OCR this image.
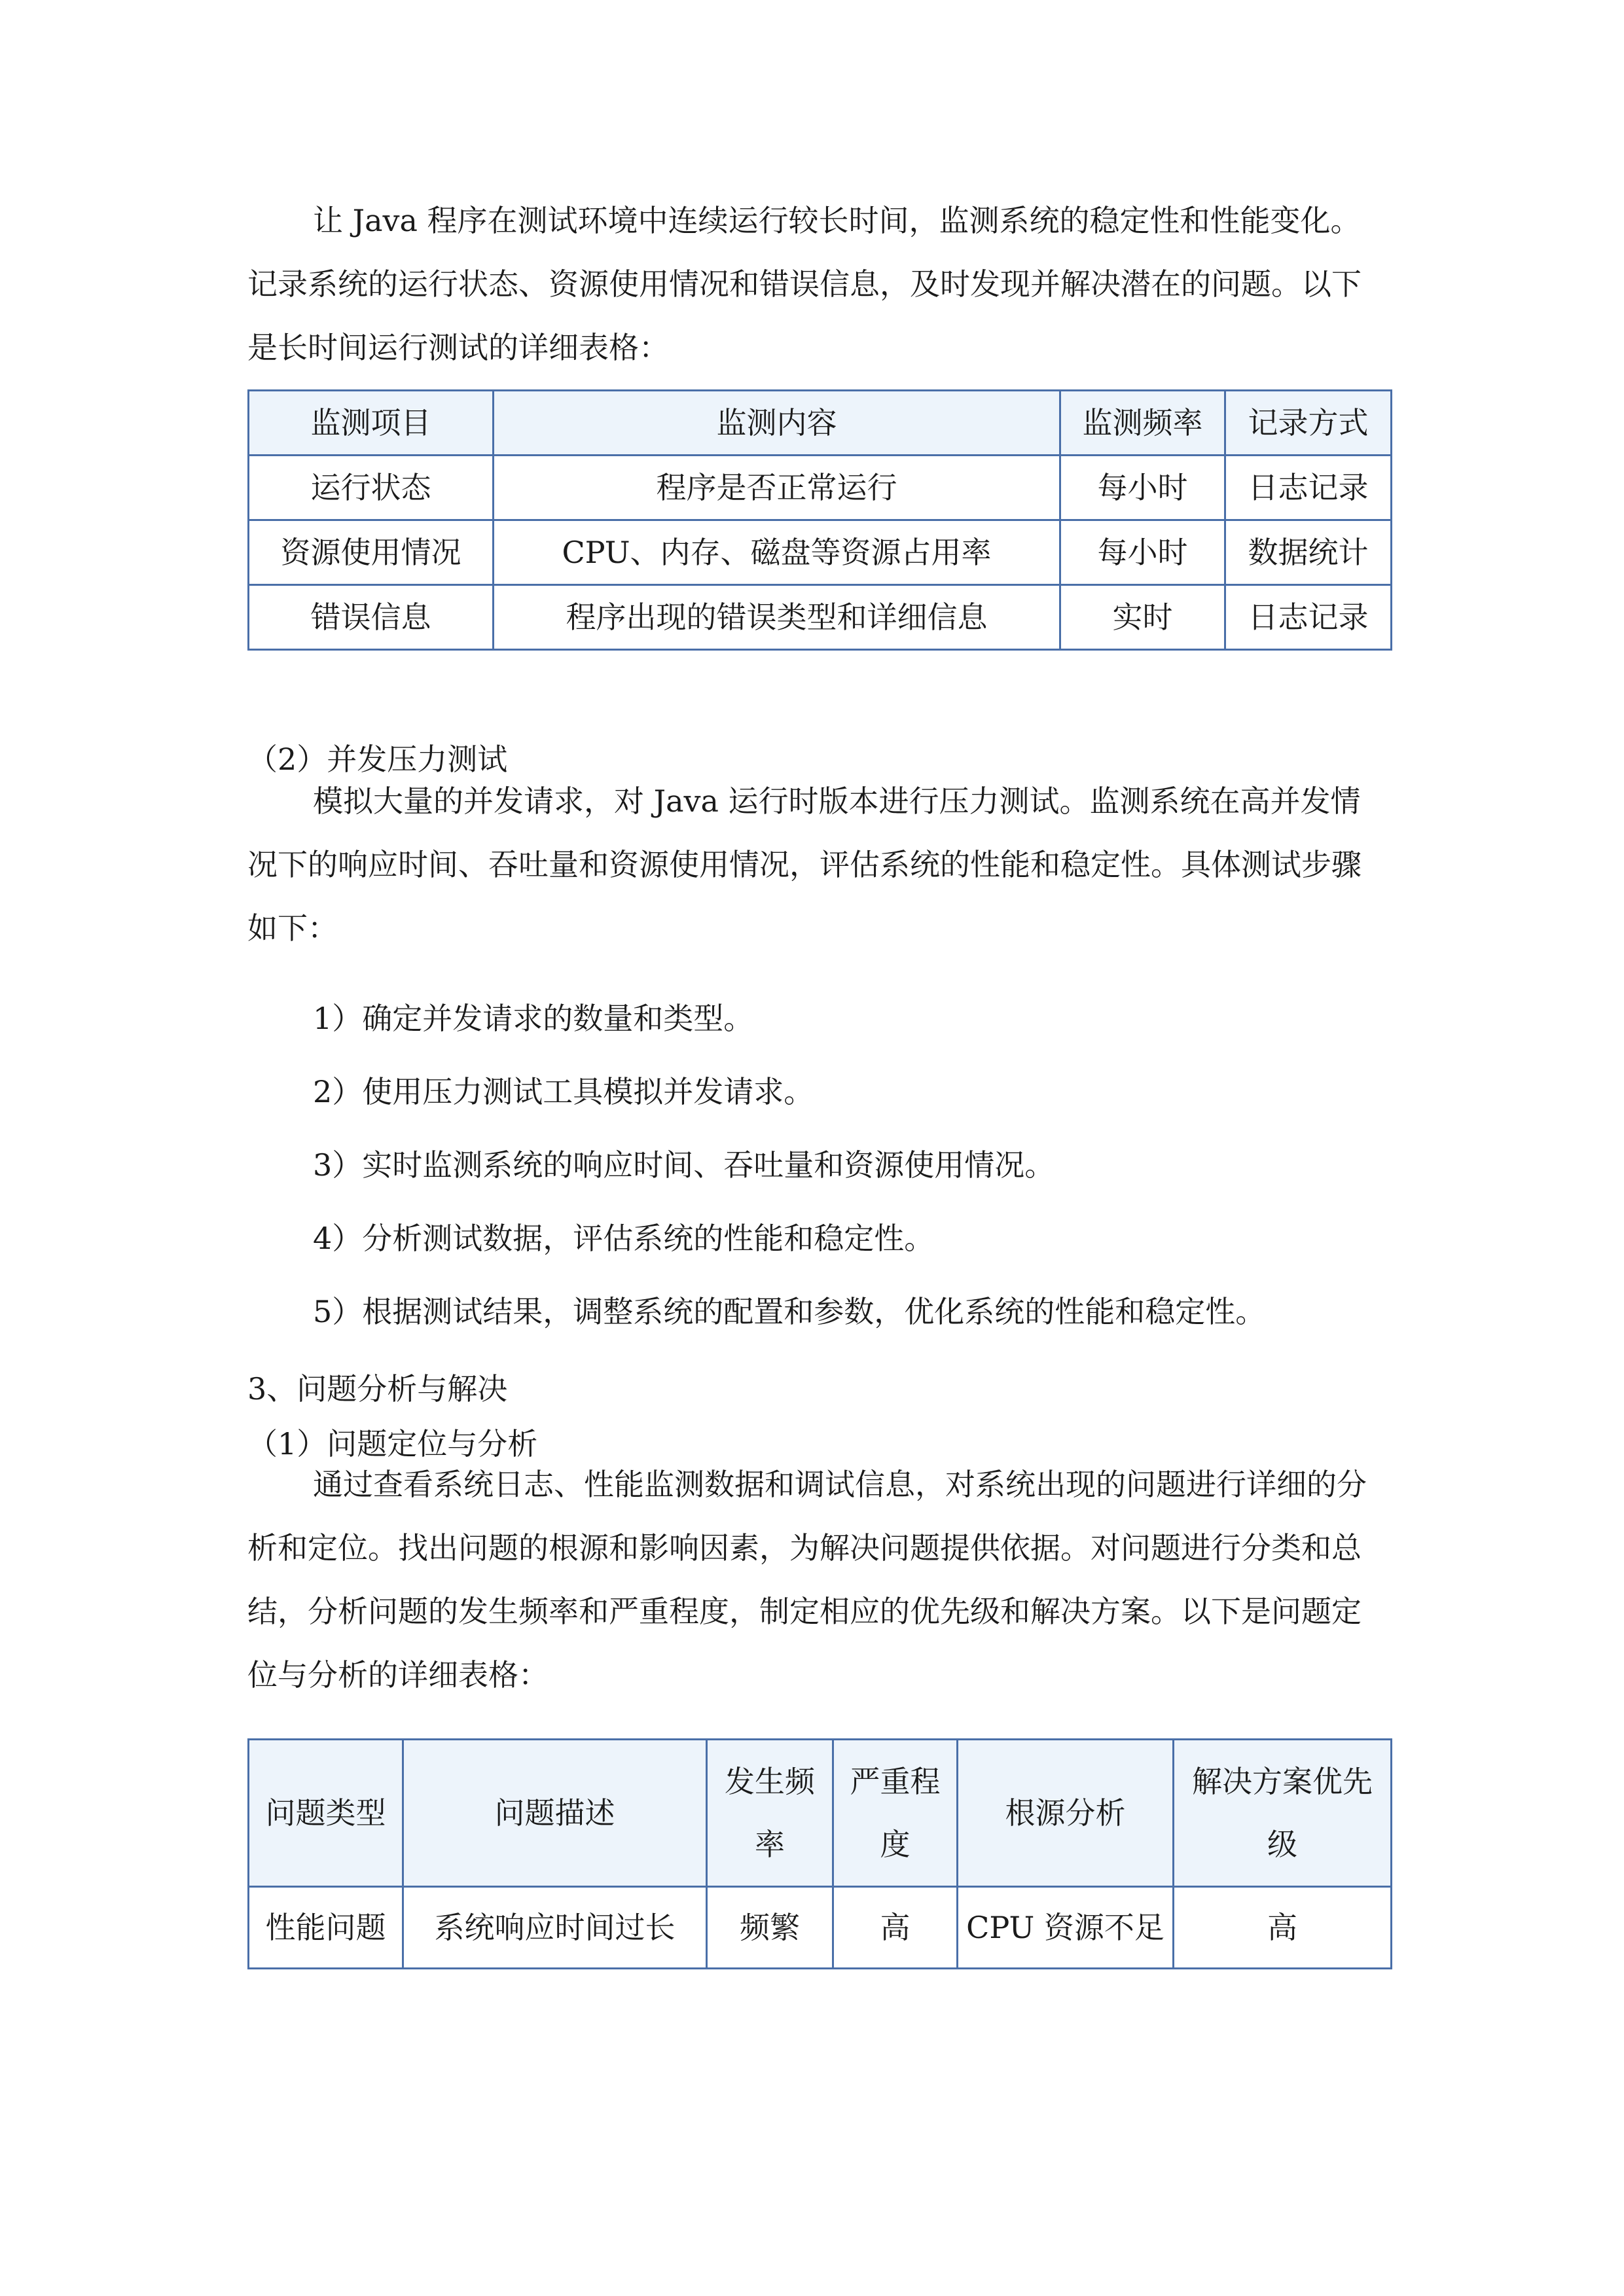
让 Java 程序在测试环境中连续运行较长时间，监测系统的稳定性和性能变化。记录系统的运行状态、资源使用情况和错误信息，及时发现并解决潜在的问题。以下是长时间运行测试的详细表格：

监测项目	监测内容	监测频率	记录方式
运行状态	程序是否正常运行	每小时	日志记录
资源使用情况	CPU、内存、磁盘等资源占用率	每小时	数据统计
错误信息	程序出现的错误类型和详细信息	实时	日志记录

（2）并发压力测试

模拟大量的并发请求，对 Java 运行时版本进行压力测试。监测系统在高并发情况下的响应时间、吞吐量和资源使用情况，评估系统的性能和稳定性。具体测试步骤如下：

1）确定并发请求的数量和类型。

2）使用压力测试工具模拟并发请求。

3）实时监测系统的响应时间、吞吐量和资源使用情况。

4）分析测试数据，评估系统的性能和稳定性。

5）根据测试结果，调整系统的配置和参数，优化系统的性能和稳定性。

3、问题分析与解决

（1）问题定位与分析

通过查看系统日志、性能监测数据和调试信息，对系统出现的问题进行详细的分析和定位。找出问题的根源和影响因素，为解决问题提供依据。对问题进行分类和总结，分析问题的发生频率和严重程度，制定相应的优先级和解决方案。以下是问题定位与分析的详细表格：

问题类型	问题描述	发生频率	严重程度	根源分析	解决方案优先级
性能问题	系统响应时间过长	频繁	高	CPU 资源不足	高
